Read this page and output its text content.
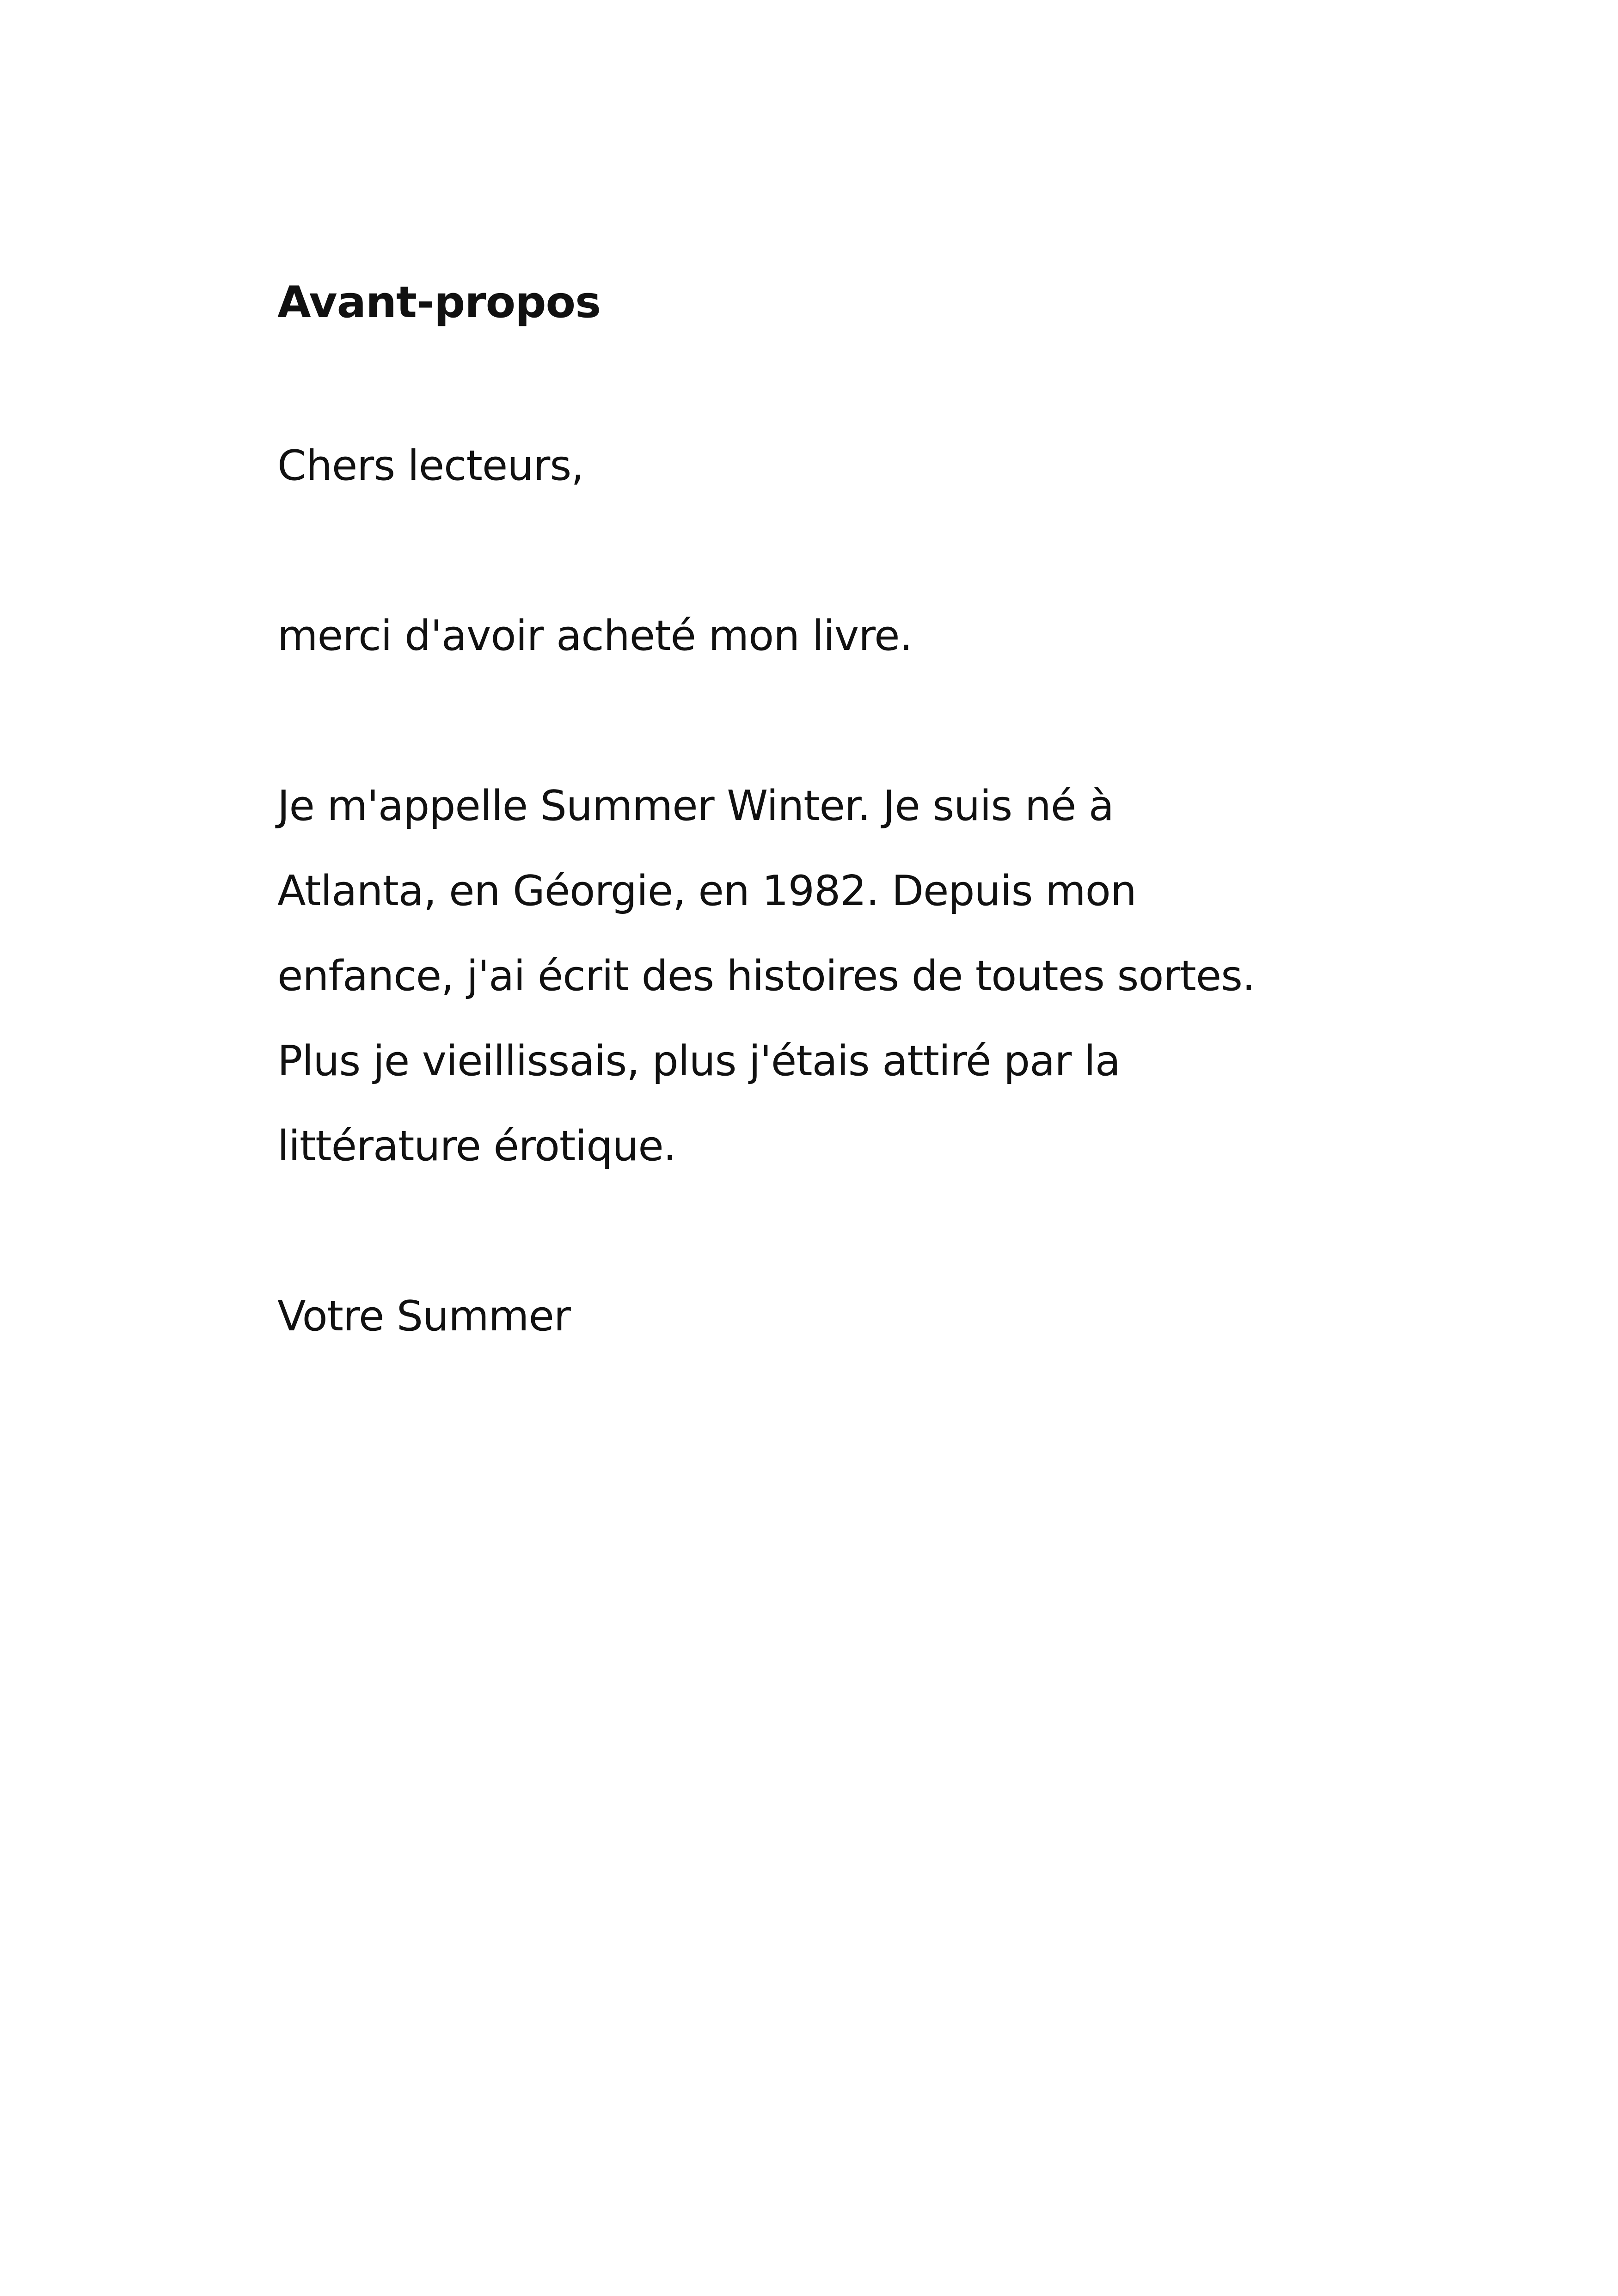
Avant-propos

Chers lecteurs,

merci d'avoir acheté mon livre.

Je m'appelle Summer Winter. Je suis né à
Atlanta, en Géorgie, en 1982. Depuis mon
enfance, j'ai écrit des histoires de toutes sortes.
Plus je vieillissais, plus j'étais attiré par la
littérature érotique.

Votre Summer
